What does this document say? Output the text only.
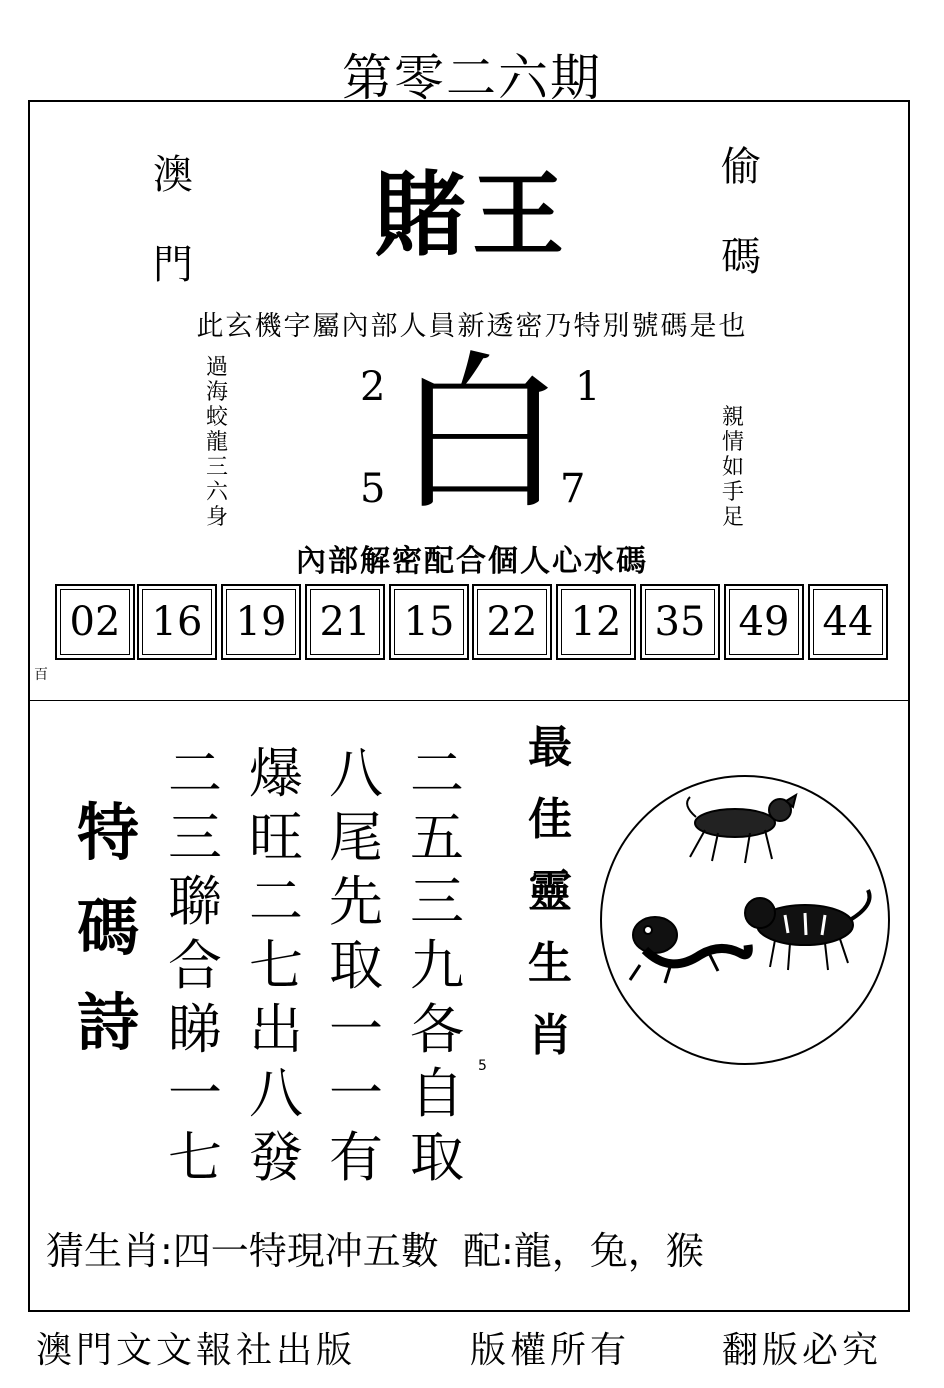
第零二六期
澳門
偷碼
賭王
此玄機字屬內部人員新透密乃特別號碼是也
過海蛟龍三六身
親情如手足
白
2	1
5	7
內部解密配合個人心水碼
02 16 19 21 15 22 12 35 49 44
百
特碼詩
二三聯合睇一七
爆旺二七出八發
八尾先取一一有
二五三九各自取
5
最佳靈生肖
猜生肖:四一特現冲五數  配:龍，兔，猴
澳門文文報社出版	版權所有	翻版必究
